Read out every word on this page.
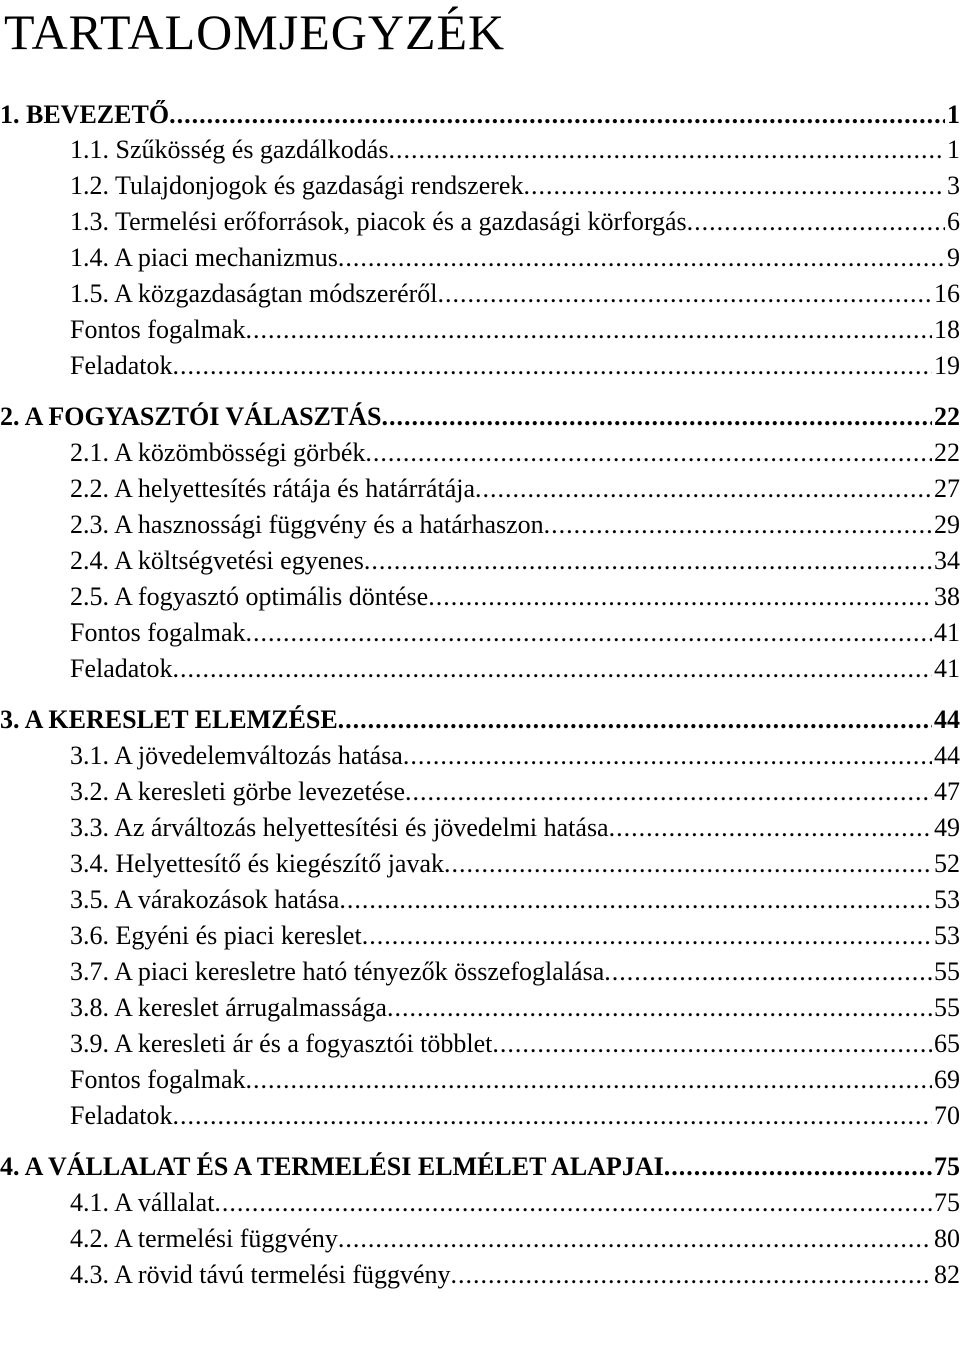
TARTALOMJEGYZÉK
1. BEVEZETŐ .....	1
1.1. Szűkösség és gazdálkodás .....	1
1.2. Tulajdonjogok és gazdasági rendszerek .....	3
1.3. Termelési erőforrások, piacok és a gazdasági körforgás .....	6
1.4. A piaci mechanizmus .....	9
1.5. A közgazdaságtan módszeréről .....	16
Fontos fogalmak .....	18
Feladatok .....	19
2. A FOGYASZTÓI VÁLASZTÁS .....	22
2.1. A közömbösségi görbék .....	22
2.2. A helyettesítés rátája és határrátája .....	27
2.3. A hasznossági függvény és a határhaszon .....	29
2.4. A költségvetési egyenes .....	34
2.5. A fogyasztó optimális döntése .....	38
Fontos fogalmak .....	41
Feladatok .....	41
3. A KERESLET ELEMZÉSE .....	44
3.1. A jövedelemváltozás hatása .....	44
3.2. A keresleti görbe levezetése .....	47
3.3. Az árváltozás helyettesítési és jövedelmi hatása .....	49
3.4. Helyettesítő és kiegészítő javak .....	52
3.5. A várakozások hatása .....	53
3.6. Egyéni és piaci kereslet .....	53
3.7. A piaci keresletre ható tényezők összefoglalása .....	55
3.8. A kereslet árrugalmassága .....	55
3.9. A keresleti ár és a fogyasztói többlet .....	65
Fontos fogalmak .....	69
Feladatok .....	70
4. A VÁLLALAT ÉS A TERMELÉSI ELMÉLET ALAPJAI .....	75
4.1. A vállalat .....	75
4.2. A termelési függvény .....	80
4.3. A rövid távú termelési függvény .....	82
